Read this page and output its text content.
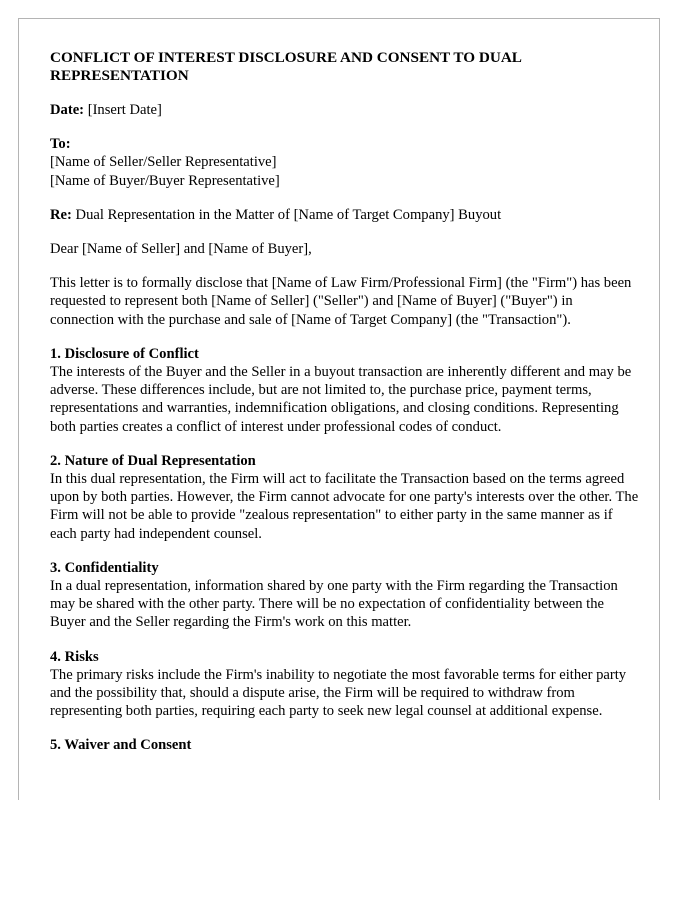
CONFLICT OF INTEREST DISCLOSURE AND CONSENT TO DUAL REPRESENTATION

Date: [Insert Date]

To:
[Name of Seller/Seller Representative]
[Name of Buyer/Buyer Representative]

Re: Dual Representation in the Matter of [Name of Target Company] Buyout

Dear [Name of Seller] and [Name of Buyer],

This letter is to formally disclose that [Name of Law Firm/Professional Firm] (the "Firm") has been requested to represent both [Name of Seller] ("Seller") and [Name of Buyer] ("Buyer") in connection with the purchase and sale of [Name of Target Company] (the "Transaction").

1. Disclosure of Conflict
The interests of the Buyer and the Seller in a buyout transaction are inherently different and may be adverse. These differences include, but are not limited to, the purchase price, payment terms, representations and warranties, indemnification obligations, and closing conditions. Representing both parties creates a conflict of interest under professional codes of conduct.

2. Nature of Dual Representation
In this dual representation, the Firm will act to facilitate the Transaction based on the terms agreed upon by both parties. However, the Firm cannot advocate for one party's interests over the other. The Firm will not be able to provide "zealous representation" to either party in the same manner as if each party had independent counsel.

3. Confidentiality
In a dual representation, information shared by one party with the Firm regarding the Transaction may be shared with the other party. There will be no expectation of confidentiality between the Buyer and the Seller regarding the Firm's work on this matter.

4. Risks
The primary risks include the Firm's inability to negotiate the most favorable terms for either party and the possibility that, should a dispute arise, the Firm will be required to withdraw from representing both parties, requiring each party to seek new legal counsel at additional expense.

5. Waiver and Consent
